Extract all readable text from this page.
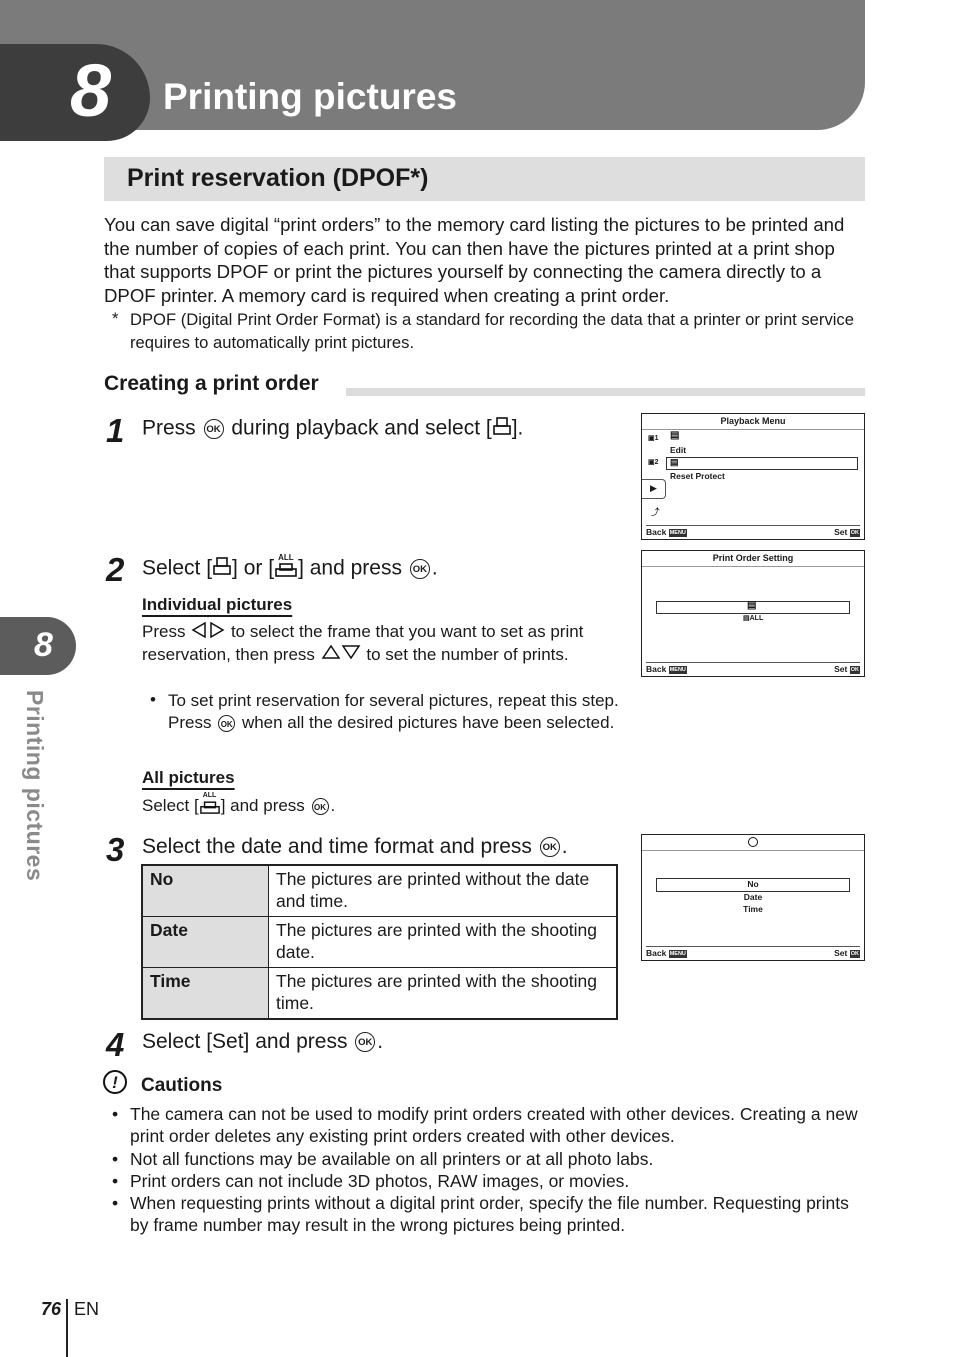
8 Printing pictures
8
Printing pictures
Print reservation (DPOF*)
You can save digital “print orders” to the memory card listing the pictures to be printed and the number of copies of each print. You can then have the pictures printed at a print shop that supports DPOF or print the pictures yourself by connecting the camera directly to a DPOF printer. A memory card is required when creating a print order.
* DPOF (Digital Print Order Format) is a standard for recording the data that a printer or print service requires to automatically print pictures.
Creating a print order
1 Press OK during playback and select [ ].	Playback Menu
▣1
▣2
▶
⤴
▤
Edit
▤
Reset Protect
Back MENU	Set OK
2 Select [ ] or [ ALL ] and press OK .	Print Order Setting
▤
▤ALL
Back MENU	Set OK
Individual pictures
Press	to select the frame that you want to set as print reservation, then press	to set the number of prints.
• To set print reservation for several pictures, repeat this step. Press OK when all the desired pictures have been selected.
All pictures
Select [
ALL
] and press OK .
3 Select the date and time format and press OK .
No	The pictures are printed without the date and time.
Date	The pictures are printed with the shooting date.
Time	The pictures are printed with the shooting time.
No
Date
Time
Back MENU	Set OK
4 Select [Set] and press OK .
!	Cautions
• The camera can not be used to modify print orders created with other devices. Creating a new print order deletes any existing print orders created with other devices.
• Not all functions may be available on all printers or at all photo labs.
• Print orders can not include 3D photos, RAW images, or movies.
• When requesting prints without a digital print order, specify the file number. Requesting prints by frame number may result in the wrong pictures being printed.
76 EN
